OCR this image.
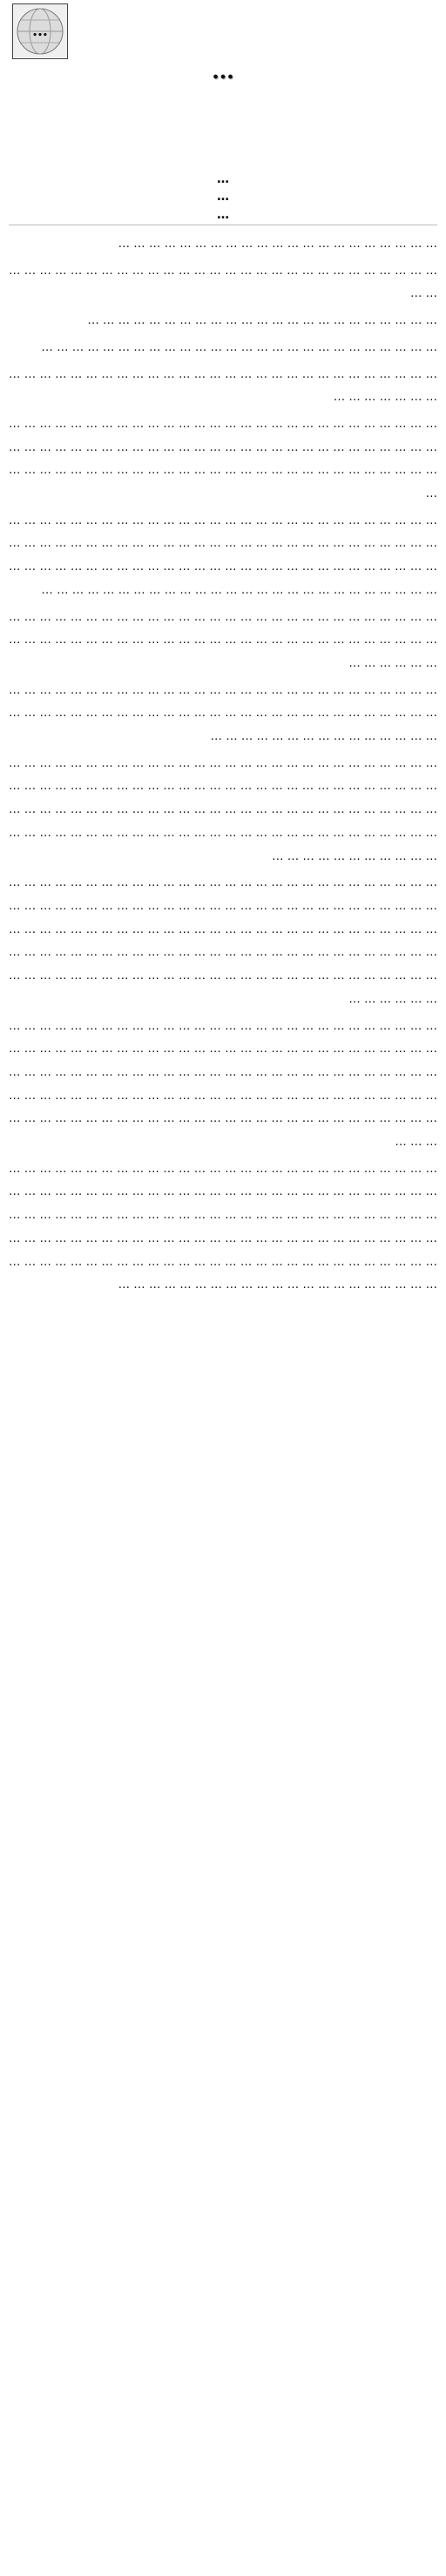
…
…

…

…

…

… … … … … … … … … … … … … … … … … … … … …

… … … … … … … … … … … … … … … … … … … … … … … … … … … … … …

… … … … … … … … … … … … … … … … … … … … … … …

… … … … … … … … … … … … … … … … … … … … … … … … … …

… … … … … … … … … … … … … … … … … … … … … … … … … … … … … … … … … … …

… … … … … … … … … … … … … … … … … … … … … … … … … … … … … … … … … … … … … … … … … … … … … … … … … … … … … … … … … … … … … … … … … … … … … … … … … … … … … … … … … … … … …

… … … … … … … … … … … … … … … … … … … … … … … … … … … … … … … … … … … … … … … … … … … … … … … … … … … … … … … … … … … … … … … … … … … … … … … … … … … … … … … … … … … … … … … … … … … … … … … … … … … … … … … … … … … … … …

… … … … … … … … … … … … … … … … … … … … … … … … … … … … … … … … … … … … … … … … … … … … … … … … … … … … … … … … … … … … … …

… … … … … … … … … … … … … … … … … … … … … … … … … … … … … … … … … … … … … … … … … … … … … … … … … … … … … … … … … … … … … … … … … … … … … … …

… … … … … … … … … … … … … … … … … … … … … … … … … … … … … … … … … … … … … … … … … … … … … … … … … … … … … … … … … … … … … … … … … … … … … … … … … … … … … … … … … … … … … … … … … … … … … … … … … … … … … … … … … … … … … … … … … … … … … … … … … … …

… … … … … … … … … … … … … … … … … … … … … … … … … … … … … … … … … … … … … … … … … … … … … … … … … … … … … … … … … … … … … … … … … … … … … … … … … … … … … … … … … … … … … … … … … … … … … … … … … … … … … … … … … … … … … … … … … … … … … … … … … … … … … … … … … … … … … … … … … … … … … … … … … …

… … … … … … … … … … … … … … … … … … … … … … … … … … … … … … … … … … … … … … … … … … … … … … … … … … … … … … … … … … … … … … … … … … … … … … … … … … … … … … … … … … … … … … … … … … … … … … … … … … … … … … … … … … … … … … … … … … … … … … … … … … … … … … … … … … … … … … … … … … … … … … …

… … … … … … … … … … … … … … … … … … … … … … … … … … … … … … … … … … … … … … … … … … … … … … … … … … … … … … … … … … … … … … … … … … … … … … … … … … … … … … … … … … … … … … … … … … … … … … … … … … … … … … … … … … … … … … … … … … … … … … … … … … … … … … … … … … … … … … … … … … … … … … … … … … … … … … … … … … … … … … … … …
